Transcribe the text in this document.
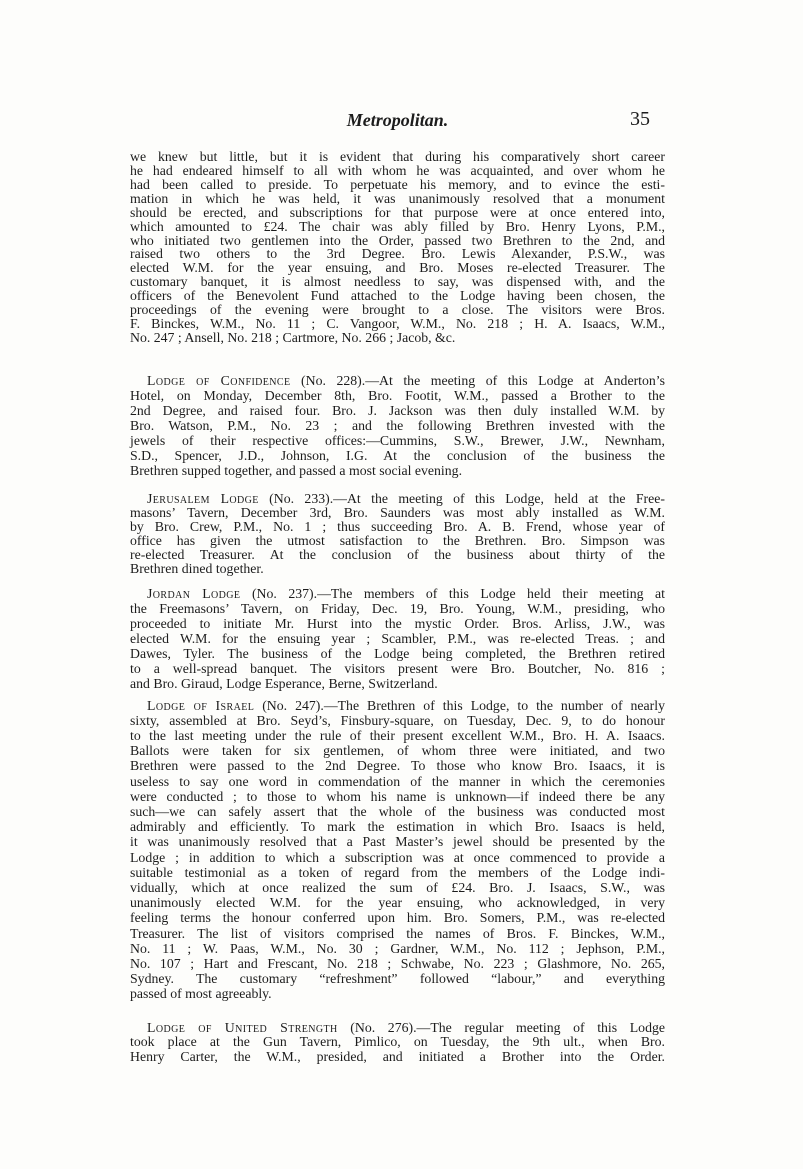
Metropolitan.	35
we knew but little, but it is evident that during his comparatively short career
he had endeared himself to all with whom he was acquainted, and over whom he
had been called to preside. To perpetuate his memory, and to evince the esti-
mation in which he was held, it was unanimously resolved that a monument
should be erected, and subscriptions for that purpose were at once entered into,
which amounted to £24. The chair was ably filled by Bro. Henry Lyons, P.M.,
who initiated two gentlemen into the Order, passed two Brethren to the 2nd, and
raised two others to the 3rd Degree. Bro. Lewis Alexander, P.S.W., was
elected W.M. for the year ensuing, and Bro. Moses re-elected Treasurer. The
customary banquet, it is almost needless to say, was dispensed with, and the
officers of the Benevolent Fund attached to the Lodge having been chosen, the
proceedings of the evening were brought to a close. The visitors were Bros.
F. Binckes, W.M., No. 11 ; C. Vangoor, W.M., No. 218 ; H. A. Isaacs, W.M.,
No. 247 ; Ansell, No. 218 ; Cartmore, No. 266 ; Jacob, &c.
Lodge of Confidence (No. 228).—At the meeting of this Lodge at Anderton’s
Hotel, on Monday, December 8th, Bro. Footit, W.M., passed a Brother to the
2nd Degree, and raised four. Bro. J. Jackson was then duly installed W.M. by
Bro. Watson, P.M., No. 23 ; and the following Brethren invested with the
jewels of their respective offices:—Cummins, S.W., Brewer, J.W., Newnham,
S.D., Spencer, J.D., Johnson, I.G. At the conclusion of the business the
Brethren supped together, and passed a most social evening.
Jerusalem Lodge (No. 233).—At the meeting of this Lodge, held at the Free-
masons’ Tavern, December 3rd, Bro. Saunders was most ably installed as W.M.
by Bro. Crew, P.M., No. 1 ; thus succeeding Bro. A. B. Frend, whose year of
office has given the utmost satisfaction to the Brethren. Bro. Simpson was
re-elected Treasurer. At the conclusion of the business about thirty of the
Brethren dined together.
Jordan Lodge (No. 237).—The members of this Lodge held their meeting at
the Freemasons’ Tavern, on Friday, Dec. 19, Bro. Young, W.M., presiding, who
proceeded to initiate Mr. Hurst into the mystic Order. Bros. Arliss, J.W., was
elected W.M. for the ensuing year ; Scambler, P.M., was re-elected Treas. ; and
Dawes, Tyler. The business of the Lodge being completed, the Brethren retired
to a well-spread banquet. The visitors present were Bro. Boutcher, No. 816 ;
and Bro. Giraud, Lodge Esperance, Berne, Switzerland.
Lodge of Israel (No. 247).—The Brethren of this Lodge, to the number of nearly
sixty, assembled at Bro. Seyd’s, Finsbury-square, on Tuesday, Dec. 9, to do honour
to the last meeting under the rule of their present excellent W.M., Bro. H. A. Isaacs.
Ballots were taken for six gentlemen, of whom three were initiated, and two
Brethren were passed to the 2nd Degree. To those who know Bro. Isaacs, it is
useless to say one word in commendation of the manner in which the ceremonies
were conducted ; to those to whom his name is unknown—if indeed there be any
such—we can safely assert that the whole of the business was conducted most
admirably and efficiently. To mark the estimation in which Bro. Isaacs is held,
it was unanimously resolved that a Past Master’s jewel should be presented by the
Lodge ; in addition to which a subscription was at once commenced to provide a
suitable testimonial as a token of regard from the members of the Lodge indi-
vidually, which at once realized the sum of £24. Bro. J. Isaacs, S.W., was
unanimously elected W.M. for the year ensuing, who acknowledged, in very
feeling terms the honour conferred upon him. Bro. Somers, P.M., was re-elected
Treasurer. The list of visitors comprised the names of Bros. F. Binckes, W.M.,
No. 11 ; W. Paas, W.M., No. 30 ; Gardner, W.M., No. 112 ; Jephson, P.M.,
No. 107 ; Hart and Frescant, No. 218 ; Schwabe, No. 223 ; Glashmore, No. 265,
Sydney. The customary “refreshment” followed “labour,” and everything
passed of most agreeably.
Lodge of United Strength (No. 276).—The regular meeting of this Lodge
took place at the Gun Tavern, Pimlico, on Tuesday, the 9th ult., when Bro.
Henry Carter, the W.M., presided, and initiated a Brother into the Order.
